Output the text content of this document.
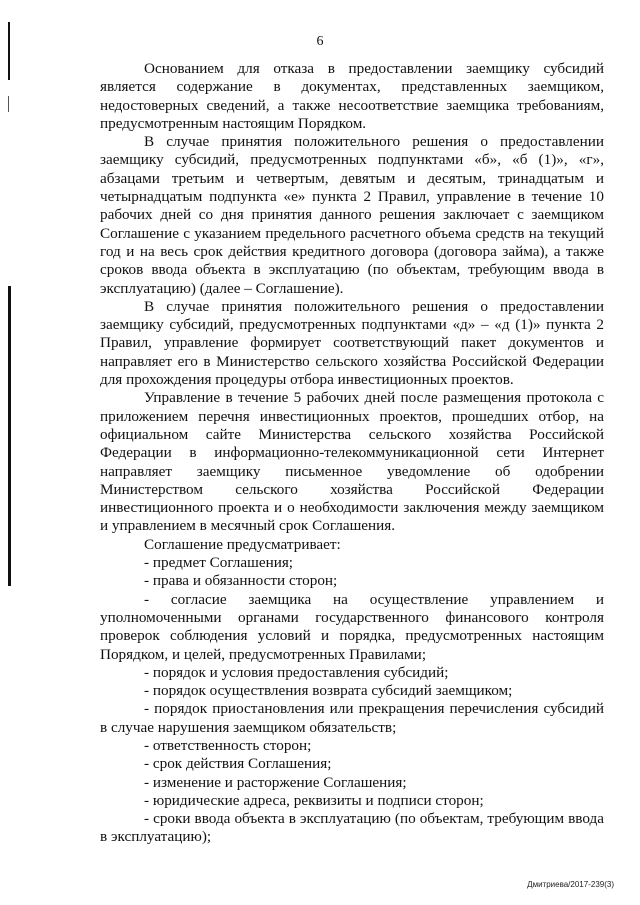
6

Основанием для отказа в предоставлении заемщику субсидий является содержание в документах, представленных заемщиком, недостоверных сведений, а также несоответствие заемщика требованиям, предусмотренным настоящим Порядком.

В случае принятия положительного решения о предоставлении заемщику субсидий, предусмотренных подпунктами «б», «б (1)», «г», абзацами третьим и четвертым, девятым и десятым, тринадцатым и четырнадцатым подпункта «е» пункта 2 Правил, управление в течение 10 рабочих дней со дня принятия данного решения заключает с заемщиком Соглашение с указанием предельного расчетного объема средств на текущий год и на весь срок действия кредитного договора (договора займа), а также сроков ввода объекта в эксплуатацию (по объектам, требующим ввода в эксплуатацию) (далее – Соглашение).

В случае принятия положительного решения о предоставлении заемщику субсидий, предусмотренных подпунктами «д» – «д (1)» пункта 2 Правил, управление формирует соответствующий пакет документов и направляет его в Министерство сельского хозяйства Российской Федерации для прохождения процедуры отбора инвестиционных проектов.

Управление в течение 5 рабочих дней после размещения протокола с приложением перечня инвестиционных проектов, прошедших отбор, на официальном сайте Министерства сельского хозяйства Российской Федерации в информационно-телекоммуникационной сети Интернет направляет заемщику письменное уведомление об одобрении Министерством сельского хозяйства Российской Федерации инвестиционного проекта и о необходимости заключения между заемщиком и управлением в месячный срок Соглашения.

Соглашение предусматривает:

- предмет Соглашения;

- права и обязанности сторон;

- согласие заемщика на осуществление управлением и уполномоченными органами государственного финансового контроля проверок соблюдения условий и порядка, предусмотренных настоящим Порядком, и целей, предусмотренных Правилами;

- порядок и условия предоставления субсидий;

- порядок осуществления возврата субсидий заемщиком;

- порядок приостановления или прекращения перечисления субсидий в случае нарушения заемщиком обязательств;

- ответственность сторон;

- срок действия Соглашения;

- изменение и расторжение Соглашения;

- юридические адреса, реквизиты и подписи сторон;

- сроки ввода объекта в эксплуатацию (по объектам, требующим ввода в эксплуатацию);

Дмитриева/2017-239(3)
